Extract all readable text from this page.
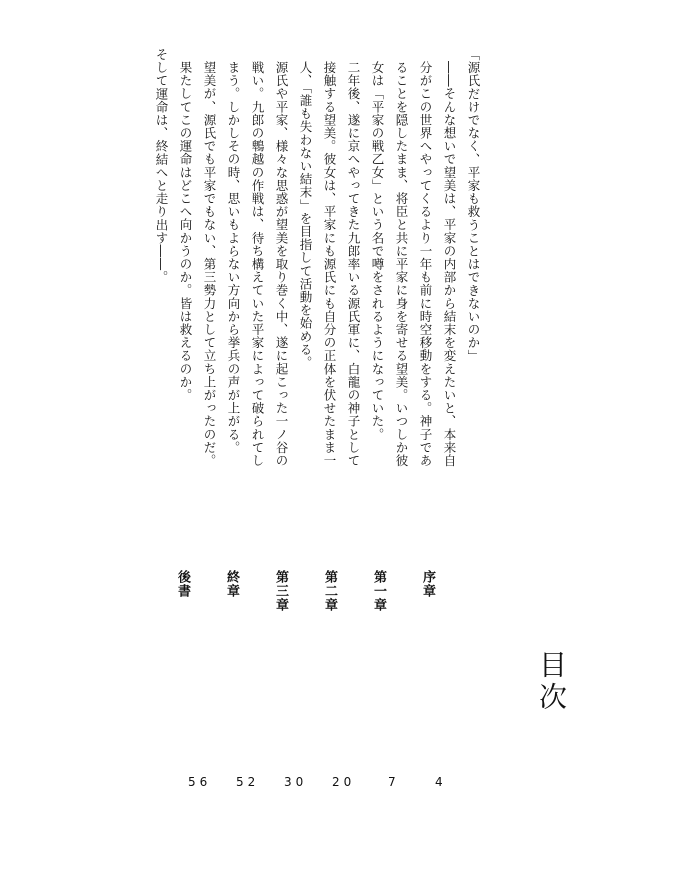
「源氏だけでなく、平家も救うことはできないのか」

――そんな想いで望美は、平家の内部から結末を変えたいと、本来自分がこの世界へやってくるより一年も前に時空移動をする。神子であることを隠したまま、将臣と共に平家に身を寄せる望美。いつしか彼女は「平家の戦乙女」という名で噂をされるようになっていた。

二年後、遂に京へやってきた九郎率いる源氏軍に、白龍の神子として接触する望美。彼女は、平家にも源氏にも自分の正体を伏せたまま一人、「誰も失わない結末」を目指して活動を始める。

源氏や平家、様々な思惑が望美を取り巻く中、遂に起こった一ノ谷の戦い。九郎の鵯越の作戦は、待ち構えていた平家によって破られてしまう。しかしその時、思いもよらない方向から挙兵の声が上がる。

望美が、源氏でも平家でもない、第三勢力として立ち上がったのだ。

果たしてこの運命はどこへ向かうのか。皆は救えるのか。

そして運命は、終結へと走り出す――。

目次
序章
第一章
第二章
第三章
終章
後書
4
7
20
30
52
56
